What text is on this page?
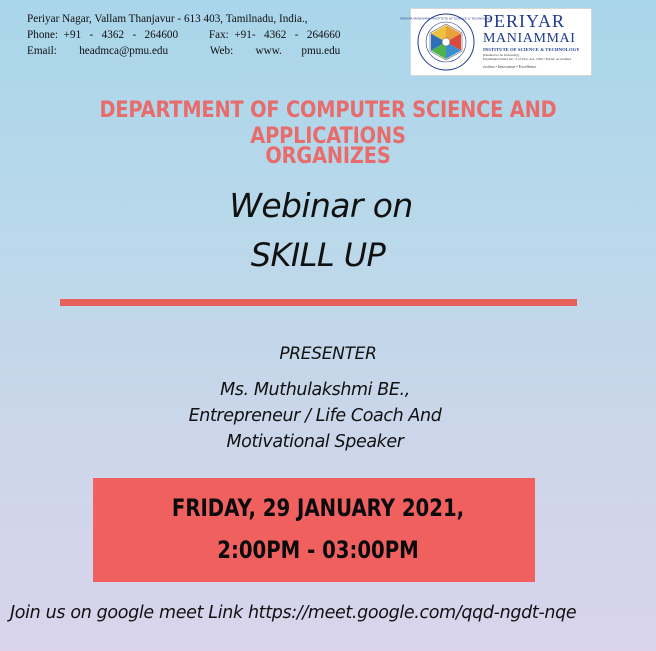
Periyar Nagar, Vallam Thanjavur - 613 403, Tamilnadu, India.,
Phone:  +91   -   4362   -   264600           Fax:  +91-   4362   -   264660
Email:        headmca@pmu.edu               Web:        www.       pmu.edu
PERIYAR MANIAMMAI INSTITUTE OF SCIENCE & TECHNOLOGY
PERIYAR
MANIAMMAI
INSTITUTE OF SCIENCE & TECHNOLOGY
(Deemed to be University)
Established Under Sec. 3 of UGC Act, 1956 • NAAC Accredited
ecoless • Innovation • Excellence
DEPARTMENT OF COMPUTER SCIENCE AND APPLICATIONS
ORGANIZES
Webinar on
SKILL UP
PRESENTER
Ms. Muthulakshmi BE.,
Entrepreneur / Life Coach And
Motivational Speaker
FRIDAY, 29 JANUARY 2021,
2:00PM - 03:00PM
Join us on google meet Link https://meet.google.com/qqd-ngdt-nqe
